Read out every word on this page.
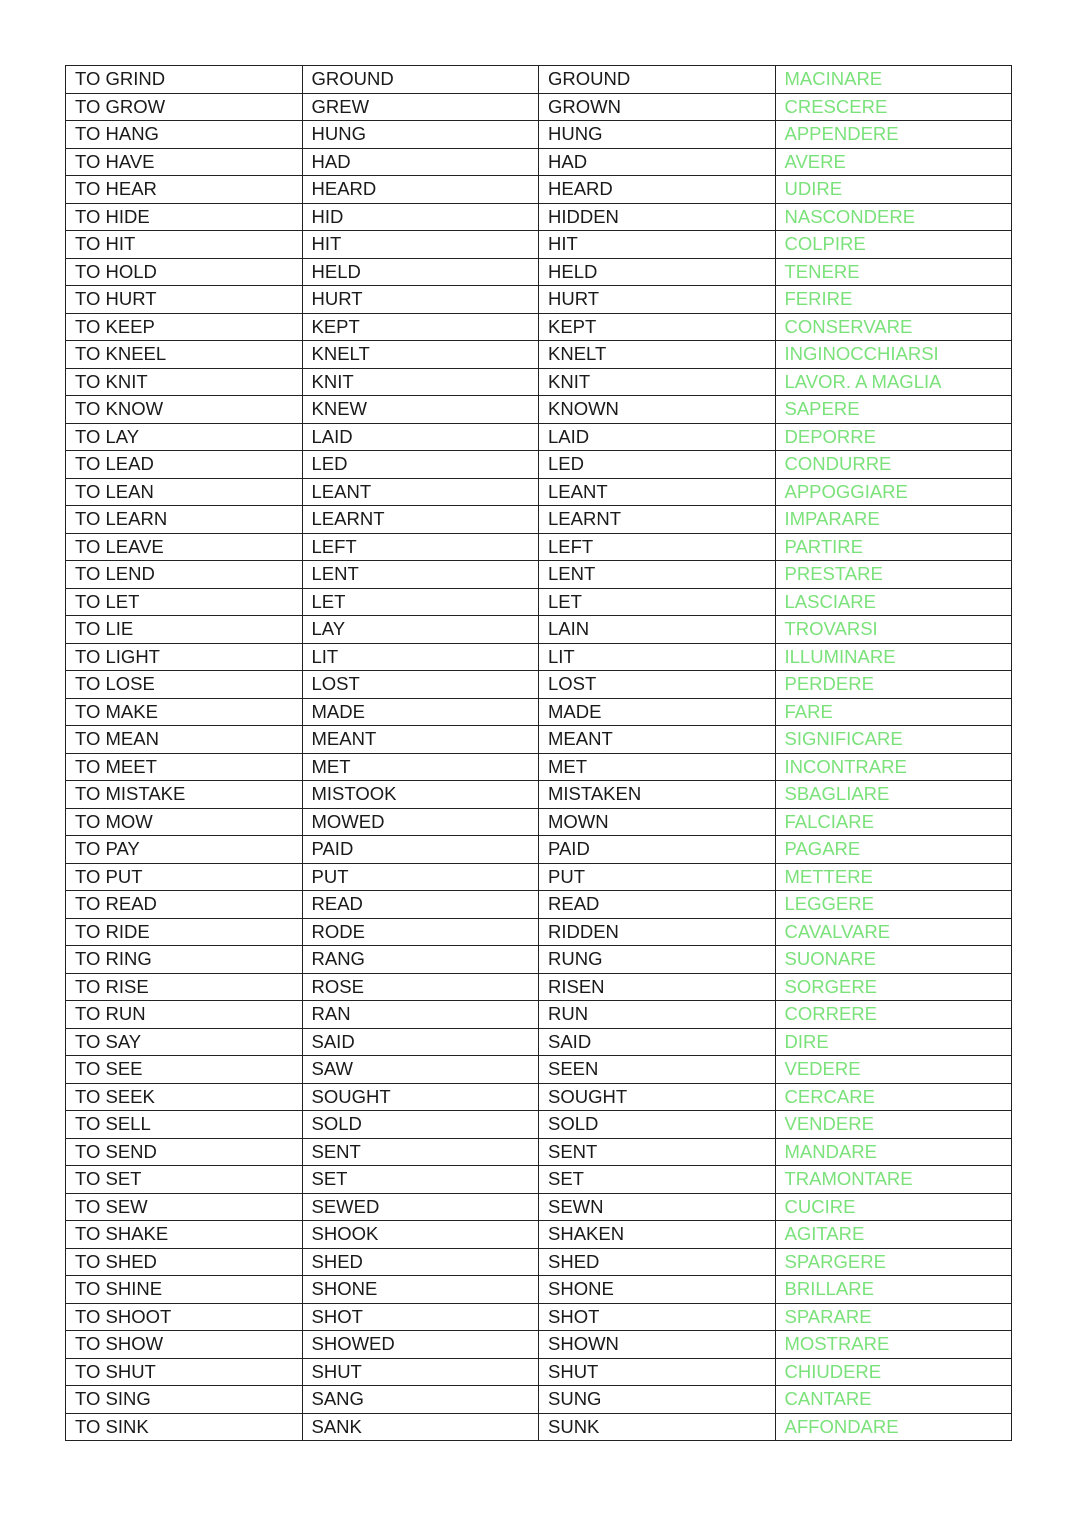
TO GRIND	GROUND	GROUND	MACINARE
TO GROW	GREW	GROWN	CRESCERE
TO HANG	HUNG	HUNG	APPENDERE
TO HAVE	HAD	HAD	AVERE
TO HEAR	HEARD	HEARD	UDIRE
TO HIDE	HID	HIDDEN	NASCONDERE
TO HIT	HIT	HIT	COLPIRE
TO HOLD	HELD	HELD	TENERE
TO HURT	HURT	HURT	FERIRE
TO KEEP	KEPT	KEPT	CONSERVARE
TO KNEEL	KNELT	KNELT	INGINOCCHIARSI
TO KNIT	KNIT	KNIT	LAVOR. A MAGLIA
TO KNOW	KNEW	KNOWN	SAPERE
TO LAY	LAID	LAID	DEPORRE
TO LEAD	LED	LED	CONDURRE
TO LEAN	LEANT	LEANT	APPOGGIARE
TO LEARN	LEARNT	LEARNT	IMPARARE
TO LEAVE	LEFT	LEFT	PARTIRE
TO LEND	LENT	LENT	PRESTARE
TO LET	LET	LET	LASCIARE
TO LIE	LAY	LAIN	TROVARSI
TO LIGHT	LIT	LIT	ILLUMINARE
TO LOSE	LOST	LOST	PERDERE
TO MAKE	MADE	MADE	FARE
TO MEAN	MEANT	MEANT	SIGNIFICARE
TO MEET	MET	MET	INCONTRARE
TO MISTAKE	MISTOOK	MISTAKEN	SBAGLIARE
TO MOW	MOWED	MOWN	FALCIARE
TO PAY	PAID	PAID	PAGARE
TO PUT	PUT	PUT	METTERE
TO READ	READ	READ	LEGGERE
TO RIDE	RODE	RIDDEN	CAVALVARE
TO RING	RANG	RUNG	SUONARE
TO RISE	ROSE	RISEN	SORGERE
TO RUN	RAN	RUN	CORRERE
TO SAY	SAID	SAID	DIRE
TO SEE	SAW	SEEN	VEDERE
TO SEEK	SOUGHT	SOUGHT	CERCARE
TO SELL	SOLD	SOLD	VENDERE
TO SEND	SENT	SENT	MANDARE
TO SET	SET	SET	TRAMONTARE
TO SEW	SEWED	SEWN	CUCIRE
TO SHAKE	SHOOK	SHAKEN	AGITARE
TO SHED	SHED	SHED	SPARGERE
TO SHINE	SHONE	SHONE	BRILLARE
TO SHOOT	SHOT	SHOT	SPARARE
TO SHOW	SHOWED	SHOWN	MOSTRARE
TO SHUT	SHUT	SHUT	CHIUDERE
TO SING	SANG	SUNG	CANTARE
TO SINK	SANK	SUNK	AFFONDARE
